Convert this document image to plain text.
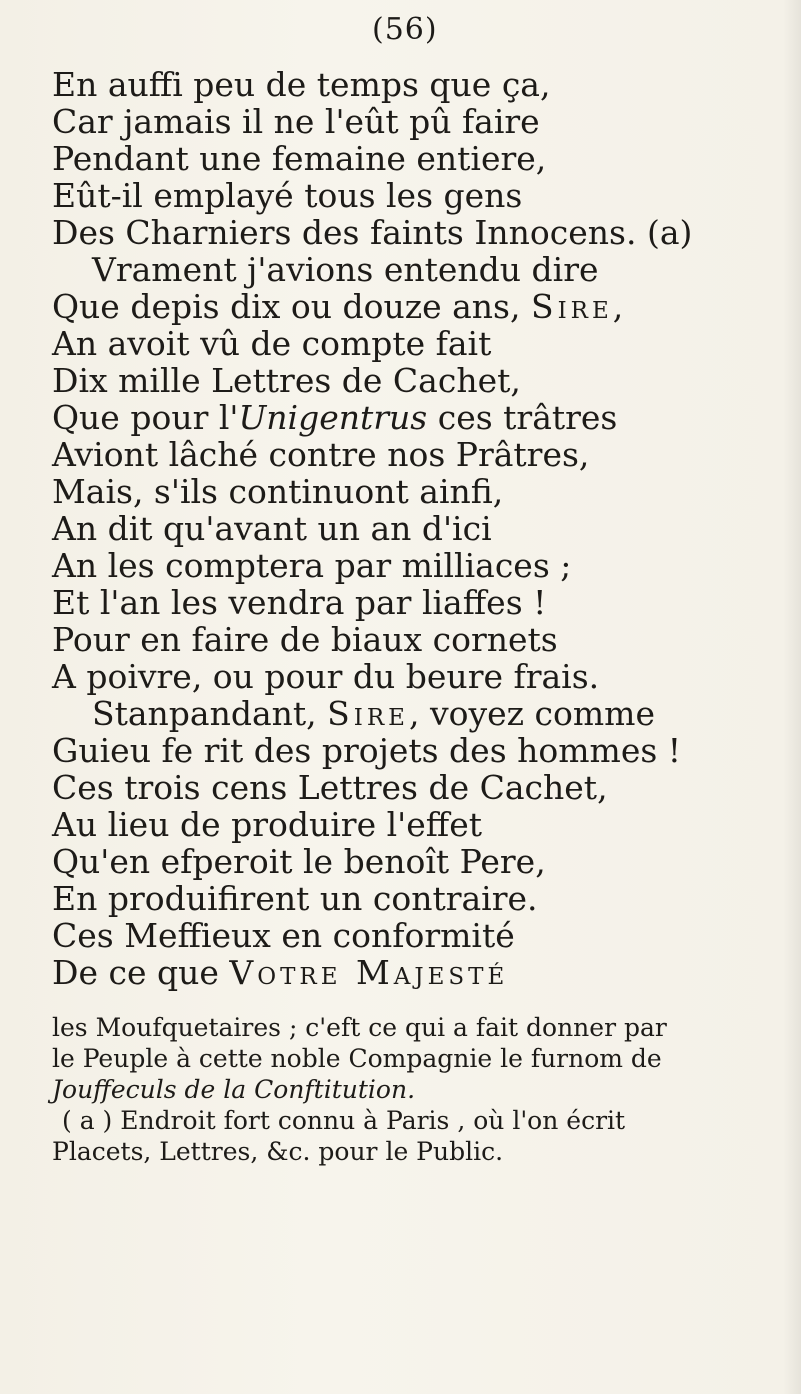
(56)
En auffi peu de temps que ça,
Car jamais il ne l'eût pû faire
Pendant une femaine entiere,
Eût-il emplayé tous les gens
Des Charniers des faints Innocens. (a)
Vrament j'avions entendu dire
Que depis dix ou douze ans, Sire,
An avoit vû de compte fait
Dix mille Lettres de Cachet,
Que pour l'Unigentrus ces trâtres
Aviont lâché contre nos Prâtres,
Mais, s'ils continuont ainfi,
An dit qu'avant un an d'ici
An les comptera par milliaces ;
Et l'an les vendra par liaffes !
Pour en faire de biaux cornets
A poivre, ou pour du beure frais.
Stanpandant, Sire, voyez comme
Guieu fe rit des projets des hommes !
Ces trois cens Lettres de Cachet,
Au lieu de produire l'effet
Qu'en efperoit le benoît Pere,
En produifirent un contraire.
Ces Meffieux en conformité
De ce que Votre Majesté
les Moufquetaires ; c'eft ce qui a fait donner par
le Peuple à cette noble Compagnie le furnom de
Jouffeculs de la Conftitution.
( a ) Endroit fort connu à Paris , où l'on écrit
Placets, Lettres, &c. pour le Public.
